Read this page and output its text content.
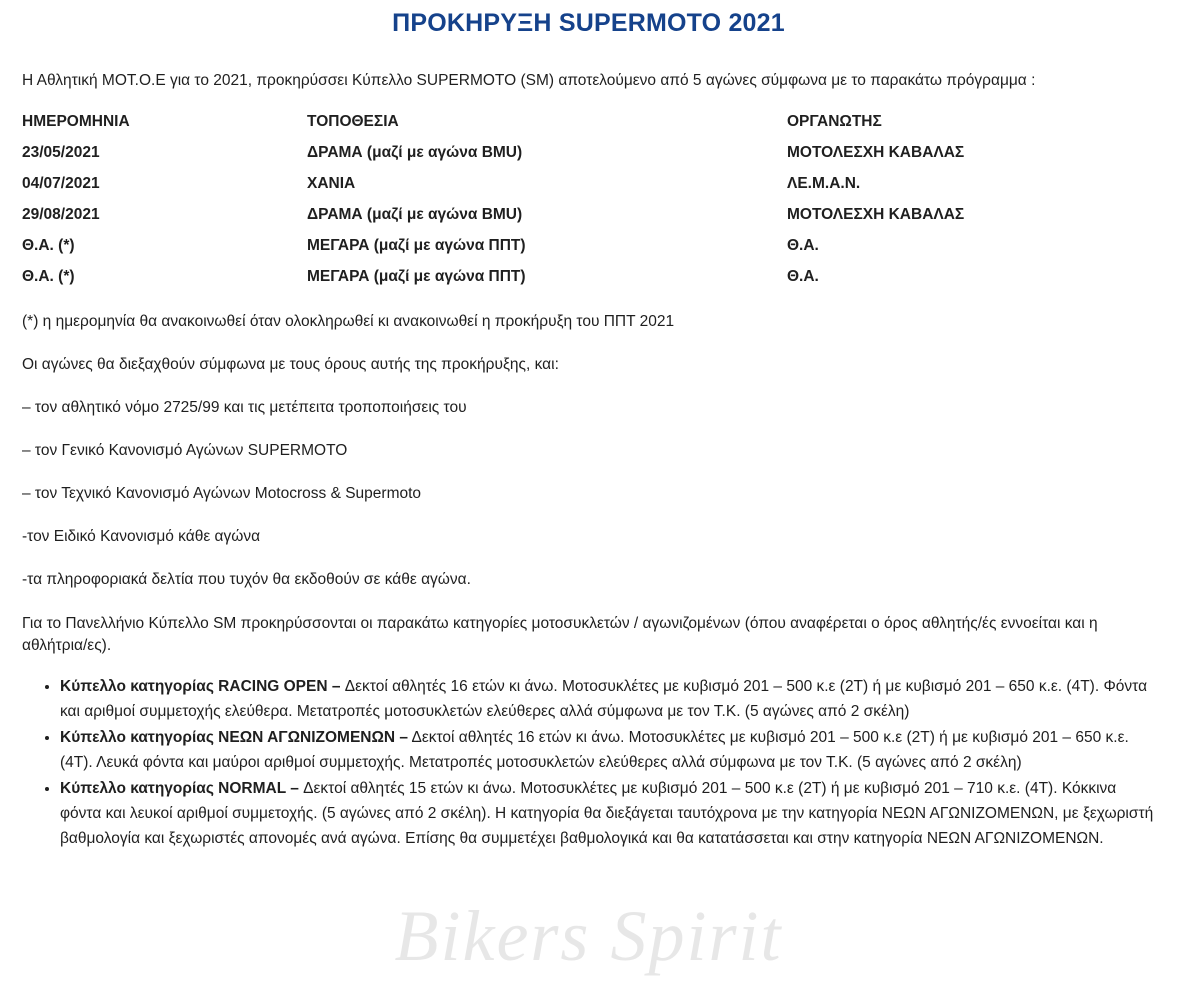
ΠΡΟΚΗΡΥΞΗ SUPERMOTO 2021

Η Αθλητική ΜΟΤ.Ο.Ε για το 2021, προκηρύσσει Κύπελλο SUPERMOTO (SM) αποτελούμενο από 5 αγώνες σύμφωνα με το παρακάτω πρόγραμμα :

ΗΜΕΡΟΜΗΝΙΑ	ΤΟΠΟΘΕΣΙΑ	ΟΡΓΑΝΩΤΗΣ
23/05/2021	ΔΡΑΜΑ (μαζί με αγώνα BMU)	ΜΟΤΟΛΕΣΧΗ ΚΑΒΑΛΑΣ
04/07/2021	ΧΑΝΙΑ	ΛΕ.Μ.Α.Ν.
29/08/2021	ΔΡΑΜΑ (μαζί με αγώνα BMU)	ΜΟΤΟΛΕΣΧΗ ΚΑΒΑΛΑΣ
Θ.Α. (*)	ΜΕΓΑΡΑ (μαζί με αγώνα ΠΠΤ)	Θ.Α.
Θ.Α. (*)	ΜΕΓΑΡΑ (μαζί με αγώνα ΠΠΤ)	Θ.Α.

(*) η ημερομηνία θα ανακοινωθεί όταν ολοκληρωθεί κι ανακοινωθεί η προκήρυξη του ΠΠΤ 2021

Οι αγώνες θα διεξαχθούν σύμφωνα με τους όρους αυτής της προκήρυξης, και:

– τον αθλητικό νόμο 2725/99 και τις μετέπειτα τροποποιήσεις του

– τον Γενικό Κανονισμό Αγώνων SUPERMOTO

– τον Τεχνικό Κανονισμό Αγώνων Motocross & Supermoto

-τον Ειδικό Κανονισμό κάθε αγώνα

-τα πληροφοριακά δελτία που τυχόν θα εκδοθούν σε κάθε αγώνα.

Για το Πανελλήνιο Κύπελλο SM προκηρύσσονται οι παρακάτω κατηγορίες μοτοσυκλετών / αγωνιζομένων (όπου αναφέρεται ο όρος αθλητής/ές εννοείται και η αθλήτρια/ες).

• Κύπελλο κατηγορίας RACING OPEN – Δεκτοί αθλητές 16 ετών κι άνω. Μοτοσυκλέτες με κυβισμό 201 – 500 κ.ε (2Τ) ή με κυβισμό 201 – 650 κ.ε. (4Τ). Φόντα και αριθμοί συμμετοχής ελεύθερα. Μετατροπές μοτοσυκλετών ελεύθερες αλλά σύμφωνα με τον Τ.Κ. (5 αγώνες από 2 σκέλη)
• Κύπελλο κατηγορίας ΝΕΩΝ ΑΓΩΝΙΖΟΜΕΝΩΝ – Δεκτοί αθλητές 16 ετών κι άνω. Μοτοσυκλέτες με κυβισμό 201 – 500 κ.ε (2Τ) ή με κυβισμό 201 – 650 κ.ε. (4Τ). Λευκά φόντα και μαύροι αριθμοί συμμετοχής. Μετατροπές μοτοσυκλετών ελεύθερες αλλά σύμφωνα με τον Τ.Κ. (5 αγώνες από 2 σκέλη)
• Κύπελλο κατηγορίας NORMAL – Δεκτοί αθλητές 15 ετών κι άνω. Μοτοσυκλέτες με κυβισμό 201 – 500 κ.ε (2Τ) ή με κυβισμό 201 – 710 κ.ε. (4Τ). Κόκκινα φόντα και λευκοί αριθμοί συμμετοχής. (5 αγώνες από 2 σκέλη). Η κατηγορία θα διεξάγεται ταυτόχρονα με την κατηγορία ΝΕΩΝ ΑΓΩΝΙΖΟΜΕΝΩΝ, με ξεχωριστή βαθμολογία και ξεχωριστές απονομές ανά αγώνα. Επίσης θα συμμετέχει βαθμολογικά και θα κατατάσσεται και στην κατηγορία ΝΕΩΝ ΑΓΩΝΙΖΟΜΕΝΩΝ.
Bikers Spirit
